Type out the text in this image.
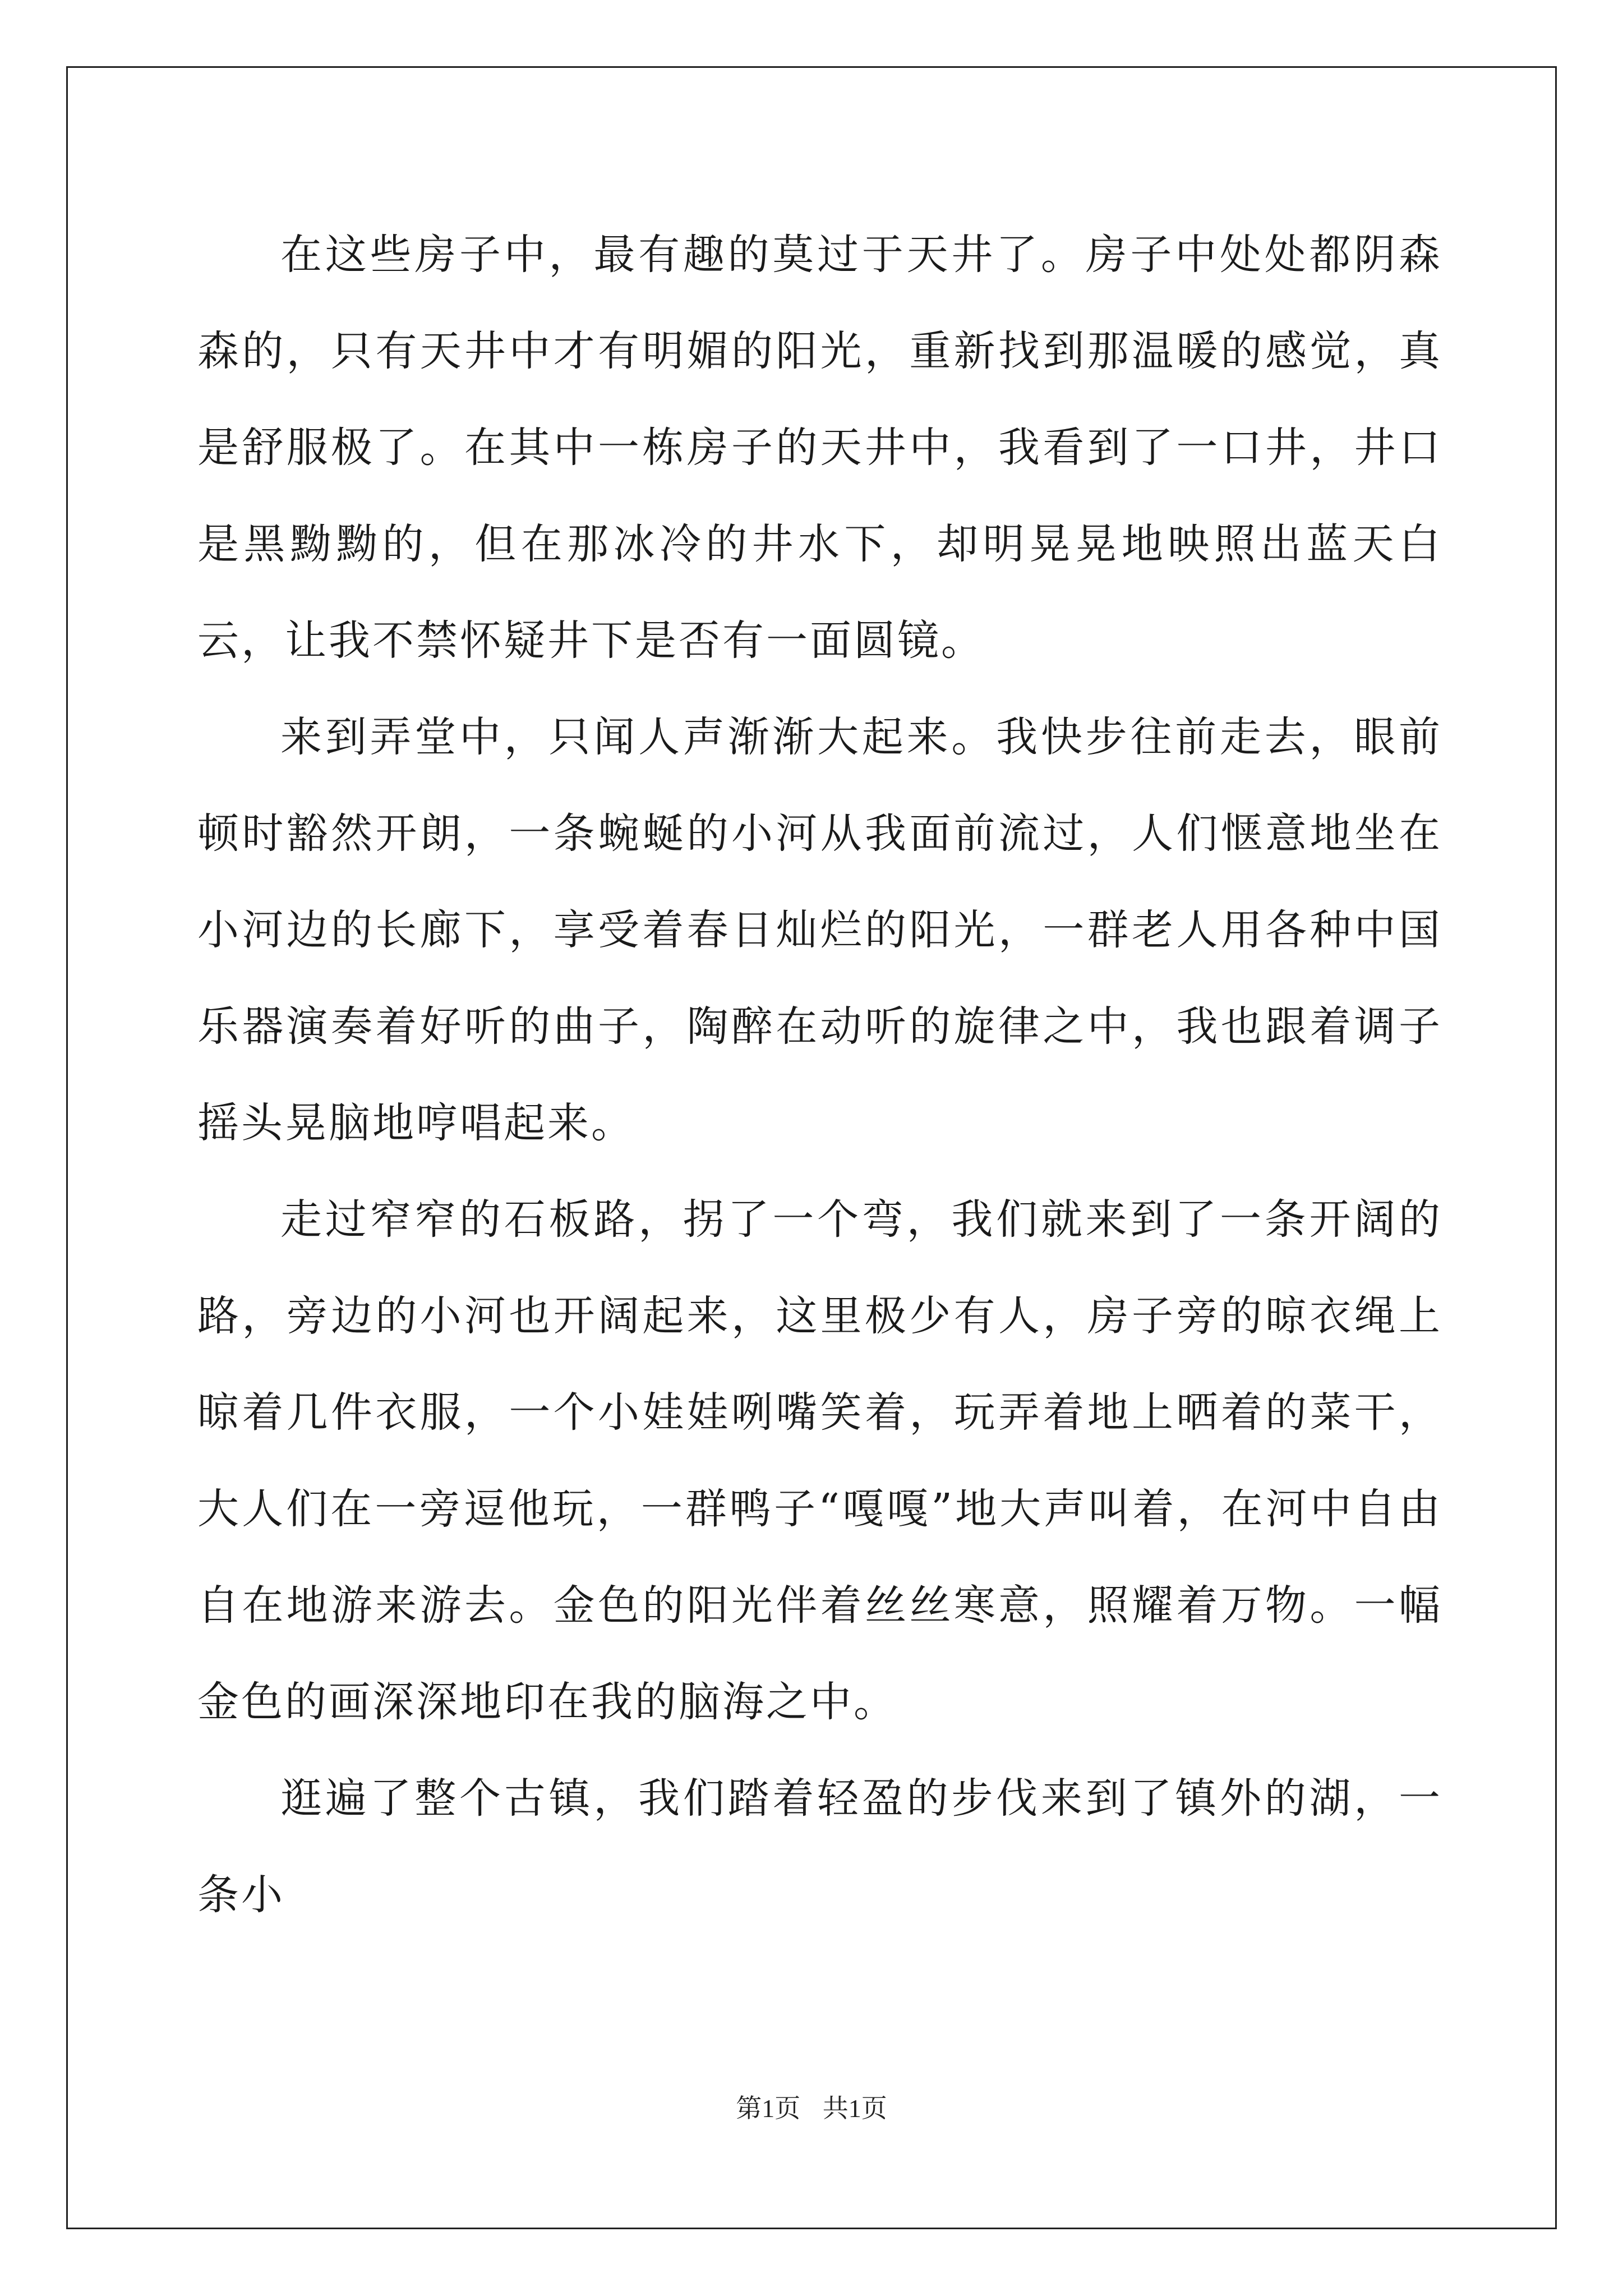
在这些房子中，最有趣的莫过于天井了。房子中处处都阴森森的，只有天井中才有明媚的阳光，重新找到那温暖的感觉，真是舒服极了。在其中一栋房子的天井中，我看到了一口井，井口是黑黝黝的，但在那冰冷的井水下，却明晃晃地映照出蓝天白云，让我不禁怀疑井下是否有一面圆镜。

来到弄堂中，只闻人声渐渐大起来。我快步往前走去，眼前顿时豁然开朗，一条蜿蜒的小河从我面前流过，人们惬意地坐在小河边的长廊下，享受着春日灿烂的阳光，一群老人用各种中国乐器演奏着好听的曲子，陶醉在动听的旋律之中，我也跟着调子摇头晃脑地哼唱起来。

走过窄窄的石板路，拐了一个弯，我们就来到了一条开阔的路，旁边的小河也开阔起来，这里极少有人，房子旁的晾衣绳上晾着几件衣服，一个小娃娃咧嘴笑着，玩弄着地上晒着的菜干，大人们在一旁逗他玩，一群鸭子“嘎嘎”地大声叫着，在河中自由自在地游来游去。金色的阳光伴着丝丝寒意，照耀着万物。一幅金色的画深深地印在我的脑海之中。

逛遍了整个古镇，我们踏着轻盈的步伐来到了镇外的湖，一条小

第1页 共1页
